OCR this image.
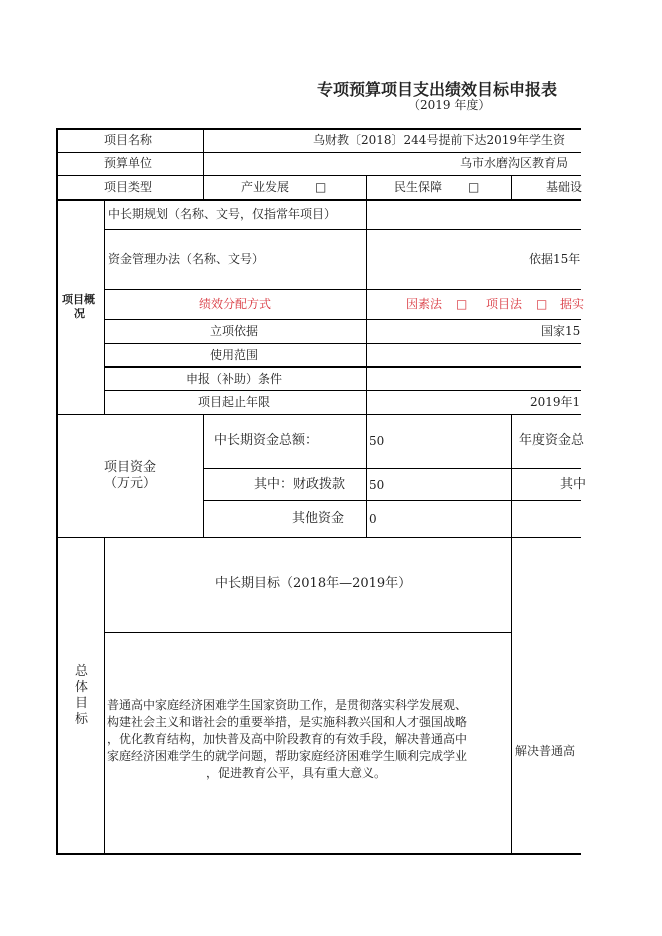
专项预算项目支出绩效目标申报表
（2019 年度）
项目名称	乌财教〔2018〕244号提前下达2019年学生资
预算单位	乌市水磨沟区教育局
项目类型	产业发展 □	民生保障 □	基础设
项目概
况
中长期规划（名称、文号，仅指常年项目）
资金管理办法（名称、文号）	依据15年
绩效分配方式	因素法 □ 项目法 □ 据实
立项依据	国家15
使用范围
申报（补助）条件
项目起止年限	2019年1
项目资金
（万元）
中长期资金总额：	50	年度资金总
其中：财政拨款 50	其中
其他资金 0
总
体
目
标
中长期目标（2018年—2019年）
普通高中家庭经济困难学生国家资助工作，是贯彻落实科学发展观、
构建社会主义和谐社会的重要举措，是实施科教兴国和人才强国战略
，优化教育结构，加快普及高中阶段教育的有效手段，解决普通高中
家庭经济困难学生的就学问题，帮助家庭经济困难学生顺利完成学业
，促进教育公平，具有重大意义。
解决普通高
